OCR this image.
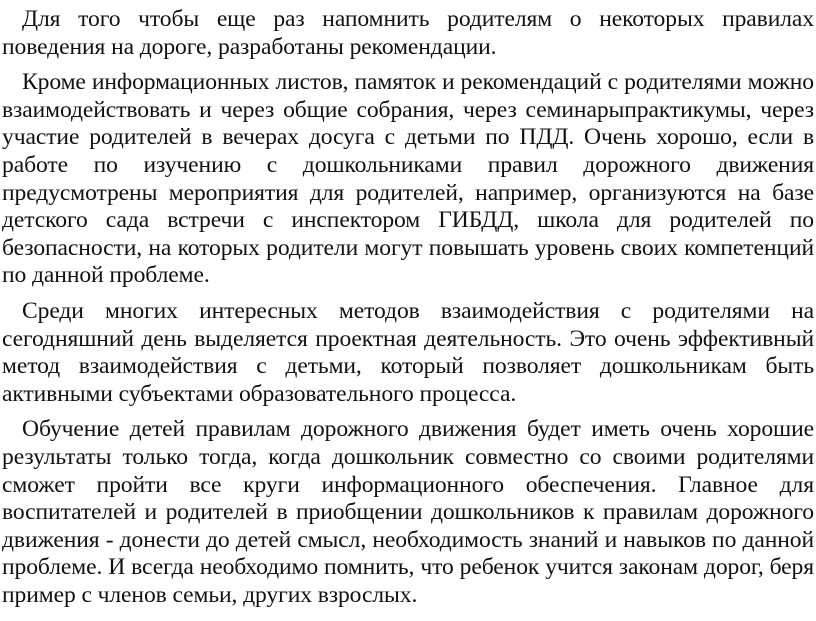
Для того чтобы еще раз напомнить родителям о некоторых правилах поведения на дороге, разработаны рекомендации.

Кроме информационных листов, памяток и рекомендаций с родителями можно взаимодействовать и через общие собрания, через семинарыпрактикумы, через участие родителей в вечерах досуга с детьми по ПДД. Очень хорошо, если в работе по изучению с дошкольниками правил дорожного движения предусмотрены мероприятия для родителей, например, организуются на базе детского сада встречи с инспектором ГИБДД, школа для родителей по безопасности, на которых родители могут повышать уровень своих компетенций по данной проблеме.

Среди многих интересных методов взаимодействия с родителями на сегодняшний день выделяется проектная деятельность. Это очень эффективный метод взаимодействия с детьми, который позволяет дошкольникам быть активными субъектами образовательного процесса.

Обучение детей правилам дорожного движения будет иметь очень хорошие результаты только тогда, когда дошкольник совместно со своими родителями сможет пройти все круги информационного обеспечения. Главное для воспитателей и родителей в приобщении дошкольников к правилам дорожного движения - донести до детей смысл, необходимость знаний и навыков по данной проблеме. И всегда необходимо помнить, что ребенок учится законам дорог, беря пример с членов семьи, других взрослых.
